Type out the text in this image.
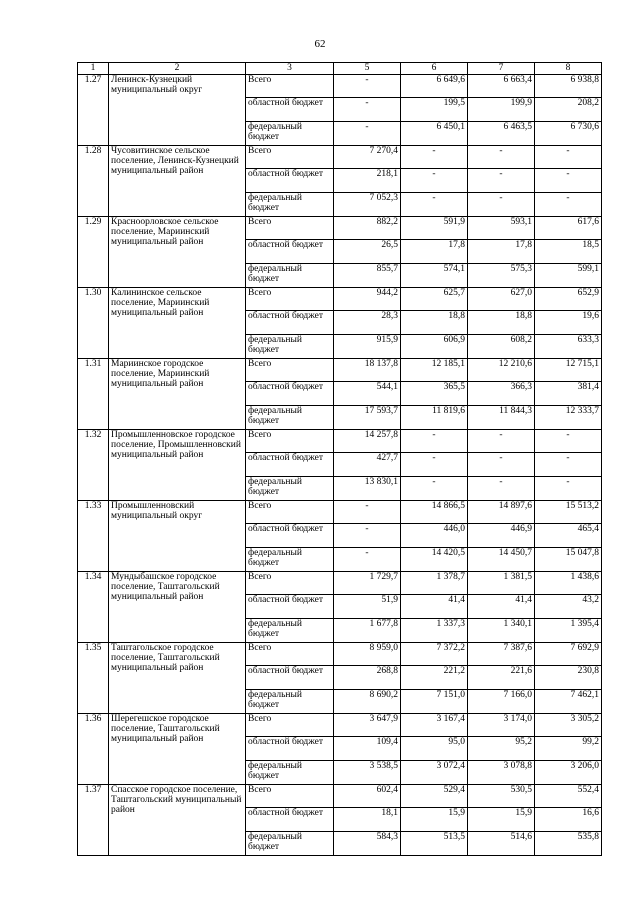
62
1	2	3	5	6	7	8
1.27	Ленинск-Кузнецкий муниципальный округ	Всего	-	6 649,6	6 663,4	6 938,8
		областной бюджет	-	199,5	199,9	208,2
		федеральный бюджет	-	6 450,1	6 463,5	6 730,6
1.28	Чусовитинское сельское поселение, Ленинск-Кузнецкий муниципальный район	Всего	7 270,4	-	-	-
		областной бюджет	218,1	-	-	-
		федеральный бюджет	7 052,3	-	-	-
1.29	Красноорловское сельское поселение, Мариинский муниципальный район	Всего	882,2	591,9	593,1	617,6
		областной бюджет	26,5	17,8	17,8	18,5
		федеральный бюджет	855,7	574,1	575,3	599,1
1.30	Калининское сельское поселение, Мариинский муниципальный район	Всего	944,2	625,7	627,0	652,9
		областной бюджет	28,3	18,8	18,8	19,6
		федеральный бюджет	915,9	606,9	608,2	633,3
1.31	Мариинское городское поселение, Мариинский муниципальный район	Всего	18 137,8	12 185,1	12 210,6	12 715,1
		областной бюджет	544,1	365,5	366,3	381,4
		федеральный бюджет	17 593,7	11 819,6	11 844,3	12 333,7
1.32	Промышленновское городское поселение, Промышленновский муниципальный район	Всего	14 257,8	-	-	-
		областной бюджет	427,7	-	-	-
		федеральный бюджет	13 830,1	-	-	-
1.33	Промышленновский муниципальный округ	Всего	-	14 866,5	14 897,6	15 513,2
		областной бюджет	-	446,0	446,9	465,4
		федеральный бюджет	-	14 420,5	14 450,7	15 047,8
1.34	Мундыбашское городское поселение, Таштагольский муниципальный район	Всего	1 729,7	1 378,7	1 381,5	1 438,6
		областной бюджет	51,9	41,4	41,4	43,2
		федеральный бюджет	1 677,8	1 337,3	1 340,1	1 395,4
1.35	Таштагольское городское поселение, Таштагольский муниципальный район	Всего	8 959,0	7 372,2	7 387,6	7 692,9
		областной бюджет	268,8	221,2	221,6	230,8
		федеральный бюджет	8 690,2	7 151,0	7 166,0	7 462,1
1.36	Шерегешское городское поселение, Таштагольский муниципальный район	Всего	3 647,9	3 167,4	3 174,0	3 305,2
		областной бюджет	109,4	95,0	95,2	99,2
		федеральный бюджет	3 538,5	3 072,4	3 078,8	3 206,0
1.37	Спасское городское поселение, Таштагольский муниципальный район	Всего	602,4	529,4	530,5	552,4
		областной бюджет	18,1	15,9	15,9	16,6
		федеральный бюджет	584,3	513,5	514,6	535,8
